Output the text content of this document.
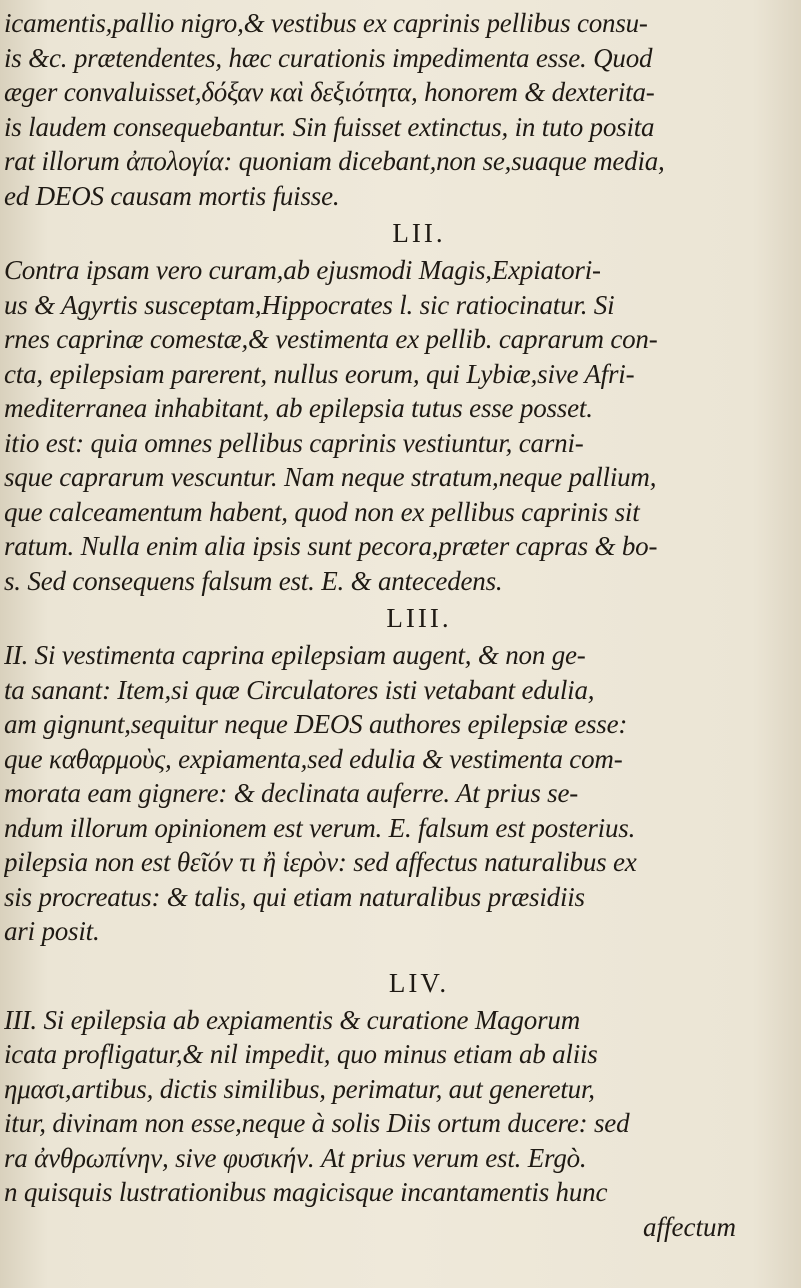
icamentis,pallio nigro,& vestibus ex caprinis pellibus consu-
is &c. prætendentes, hæc curationis impedimenta esse. Quod
æger convaluisset,δόξαν καὶ δεξιότητα, honorem & dexterita-
is laudem consequebantur. Sin fuisset extinctus, in tuto posita
rat illorum ἀπολογία: quoniam dicebant,non se,suaque media,
ed DEOS causam mortis fuisse.
LII.
Contra ipsam vero curam,ab ejusmodi Magis,Expiatori-
us & Agyrtis susceptam,Hippocrates l. sic ratiocinatur. Si
rnes caprinæ comestæ,& vestimenta ex pellib. caprarum con-
cta, epilepsiam parerent, nullus eorum, qui Lybiæ,sive Afri-
mediterranea inhabitant, ab epilepsia tutus esse posset.
itio est: quia omnes pellibus caprinis vestiuntur, carni-
sque caprarum vescuntur. Nam neque stratum,neque pallium,
que calceamentum habent, quod non ex pellibus caprinis sit
ratum. Nulla enim alia ipsis sunt pecora,præter capras & bo-
s. Sed consequens falsum est. E. & antecedens.
LIII.
II. Si vestimenta caprina epilepsiam augent, & non ge-
ta sanant: Item,si quæ Circulatores isti vetabant edulia,
am gignunt,sequitur neque DEOS authores epilepsiæ esse:
que καθαρμοὺς, expiamenta,sed edulia & vestimenta com-
morata eam gignere: & declinata auferre. At prius se-
ndum illorum opinionem est verum. E. falsum est posterius.
pilepsia non est θεῖόν τι ἢ ἱερὸν: sed affectus naturalibus ex
sis procreatus: & talis, qui etiam naturalibus præsidiis
ari posit.
LIV.
III. Si epilepsia ab expiamentis & curatione Magorum
icata profligatur,& nil impedit, quo minus etiam ab aliis
ημασι,artibus, dictis similibus, perimatur, aut generetur,
itur, divinam non esse,neque à solis Diis ortum ducere: sed
ra ἀνθρωπίνην, sive φυσικήν. At prius verum est. Ergò.
n quisquis lustrationibus magicisque incantamentis hunc
affectum
